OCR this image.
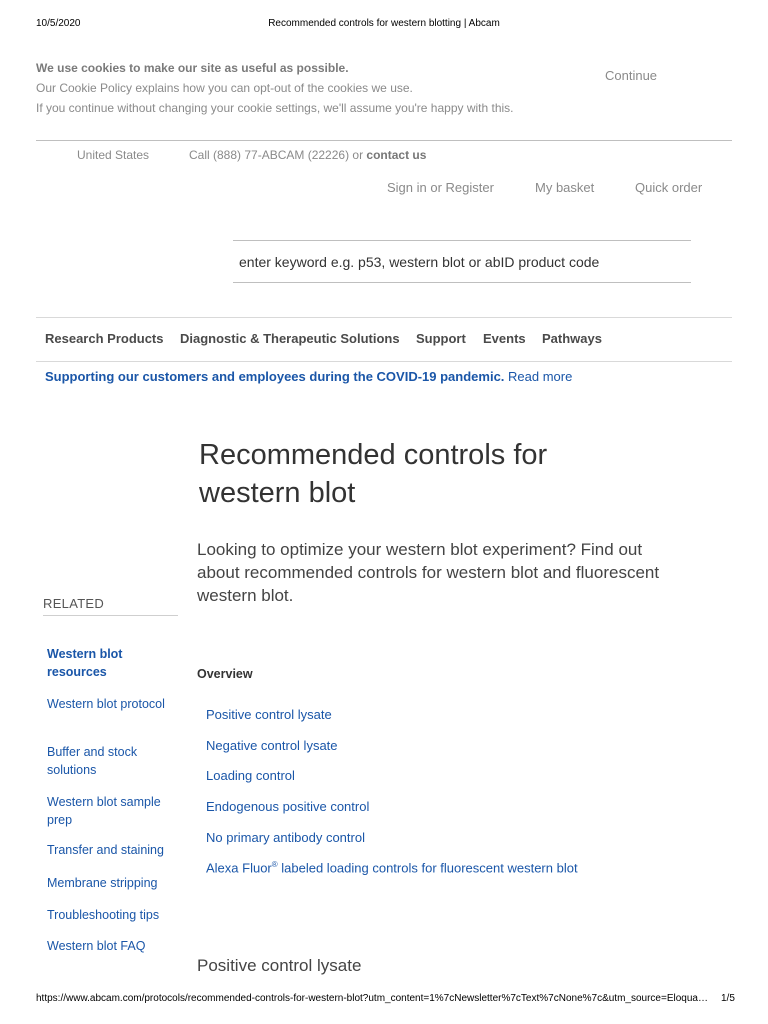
10/5/2020	Recommended controls for western blotting | Abcam
We use cookies to make our site as useful as possible.
Our Cookie Policy explains how you can opt-out of the cookies we use.
If you continue without changing your cookie settings, we'll assume you're happy with this.
Continue
United States	Call (888) 77-ABCAM (22226) or contact us
Sign in or Register	My basket	Quick order
enter keyword e.g. p53, western blot or abID product code
Research Products Diagnostic & Therapeutic Solutions Support Events Pathways
Supporting our customers and employees during the COVID-19 pandemic. Read more
Recommended controls for western blot

Looking to optimize your western blot experiment? Find out about recommended controls for western blot and fluorescent western blot.

RELATED
Western blot resources
Western blot protocol
Buffer and stock solutions
Western blot sample prep
Transfer and staining
Membrane stripping
Troubleshooting tips
Western blot FAQ
Overview
Positive control lysate
Negative control lysate
Loading control
Endogenous positive control
No primary antibody control
Alexa Fluor® labeled loading controls for fluorescent western blot
Positive control lysate
https://www.abcam.com/protocols/recommended-controls-for-western-blot?utm_content=1%7cNewsletter%7cText%7cNone%7c&utm_source=Eloqua…	1/5
